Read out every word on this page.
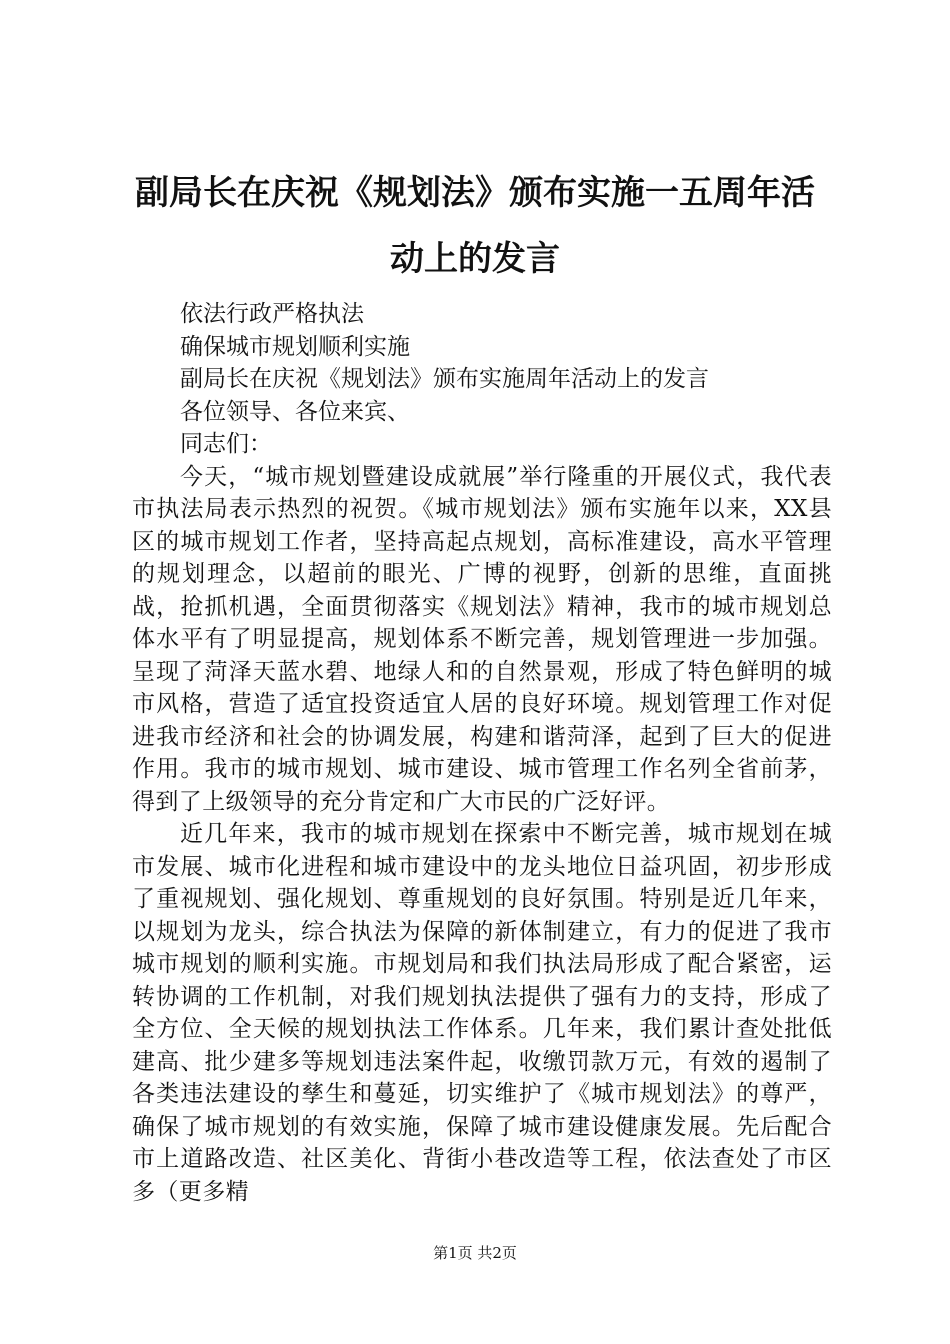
副局长在庆祝《规划法》颁布实施一五周年活动上的发言

依法行政严格执法

确保城市规划顺利实施

副局长在庆祝《规划法》颁布实施周年活动上的发言

各位领导、各位来宾、

同志们：

今天，“城市规划暨建设成就展”举行隆重的开展仪式，我代表市执法局表示热烈的祝贺。《城市规划法》颁布实施年以来，XX县区的城市规划工作者，坚持高起点规划，高标准建设，高水平管理的规划理念，以超前的眼光、广博的视野，创新的思维，直面挑战，抢抓机遇，全面贯彻落实《规划法》精神，我市的城市规划总体水平有了明显提高，规划体系不断完善，规划管理进一步加强。呈现了菏泽天蓝水碧、地绿人和的自然景观，形成了特色鲜明的城市风格，营造了适宜投资适宜人居的良好环境。规划管理工作对促进我市经济和社会的协调发展，构建和谐菏泽，起到了巨大的促进作用。我市的城市规划、城市建设、城市管理工作名列全省前茅，得到了上级领导的充分肯定和广大市民的广泛好评。

近几年来，我市的城市规划在探索中不断完善，城市规划在城市发展、城市化进程和城市建设中的龙头地位日益巩固，初步形成了重视规划、强化规划、尊重规划的良好氛围。特别是近几年来，以规划为龙头，综合执法为保障的新体制建立，有力的促进了我市城市规划的顺利实施。市规划局和我们执法局形成了配合紧密，运转协调的工作机制，对我们规划执法提供了强有力的支持，形成了全方位、全天候的规划执法工作体系。几年来，我们累计查处批低建高、批少建多等规划违法案件起，收缴罚款万元，有效的遏制了各类违法建设的孳生和蔓延，切实维护了《城市规划法》的尊严，确保了城市规划的有效实施，保障了城市建设健康发展。先后配合市上道路改造、社区美化、背街小巷改造等工程，依法查处了市区多（更多精

第1页 共2页
